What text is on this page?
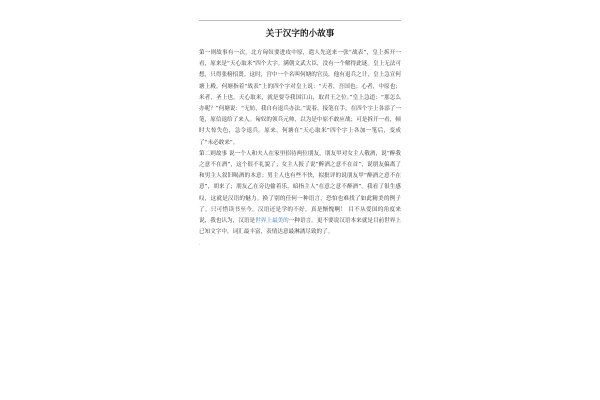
关于汉字的小故事

第一则故事有一次，北方匈奴要进攻中原，遣人先送来一张“战表”，皇上拆开一看，原来是“天心取米”四个大字。满朝文武大臣，没有一个解得此谜。皇上无法可想，只得张榜招贤。这时，宫中一个名叫何塘的官员，他有退兵之计，皇上急宣何塘上殿。何塘指着“战表”上的四个字对皇上说：“天者，吾国也；心者，中原也；米者，圣上也。天心取米，就是要夺我国江山，取君王之位。”皇上急道：“那怎么办呢？”何塘说：“无妨，我自有退兵办法。”说着，接笔在手，在四个字上各添了一笔，原信退给了来人。匈奴的领兵元帅，以为是中原不敢应战；可是拆开一看，顿时大惊失色，急令退兵。原来，何塘在“天心取米”四个字上各加一笔后，变成了“未必敢来”。

第二则故事 说一个人和夫人在家里招待两位朋友，朋友甲对女主人敬酒，说“醉我之意不在酒”，这个很不礼貌了；女主人报了说“醉酒之意不在首”，说朋友偏离了和男主人叙旧喝酒的本意；男主人也有些不快，拟批评的说朋友甲“醉酒之意不在意”，胡来了；朋友乙在旁边偷着乐，暗指主人“在意之意不醉酒”。我看了很生感叹，这就是汉语的魅力。换了别的任何一种语言，恐怕也难找了如此精美的例子了。只可惜读书至今，汉语还是学的不好，真是惭愧啊！ 目不从爱国的角度来说，我也认为，汉语是世界上最美的一种语言。更不要说汉语本来就是目前世界上已知文字中，词汇最丰富，表情达意最淋漓尽致的了。

.
